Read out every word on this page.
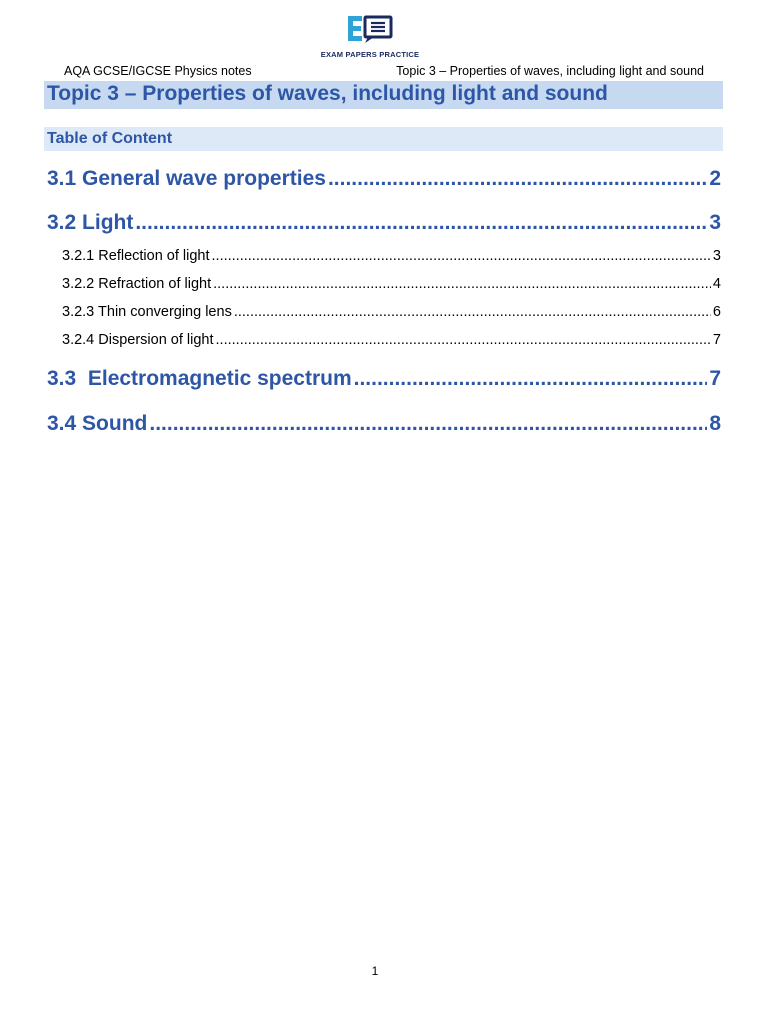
EXAM PAPERS PRACTICE
AQA GCSE/IGCSE Physics notes	Topic 3 – Properties of waves, including light and sound
Topic 3 – Properties of waves, including light and sound
Table of Content
3.1 General wave properties .....	2
3.2 Light .....	3
3.2.1 Reflection of light .....	3
3.2.2 Refraction of light .....	4
3.2.3 Thin converging lens .....	6
3.2.4 Dispersion of light .....	7
3.3  Electromagnetic spectrum .....	7
3.4 Sound .....	8
1
